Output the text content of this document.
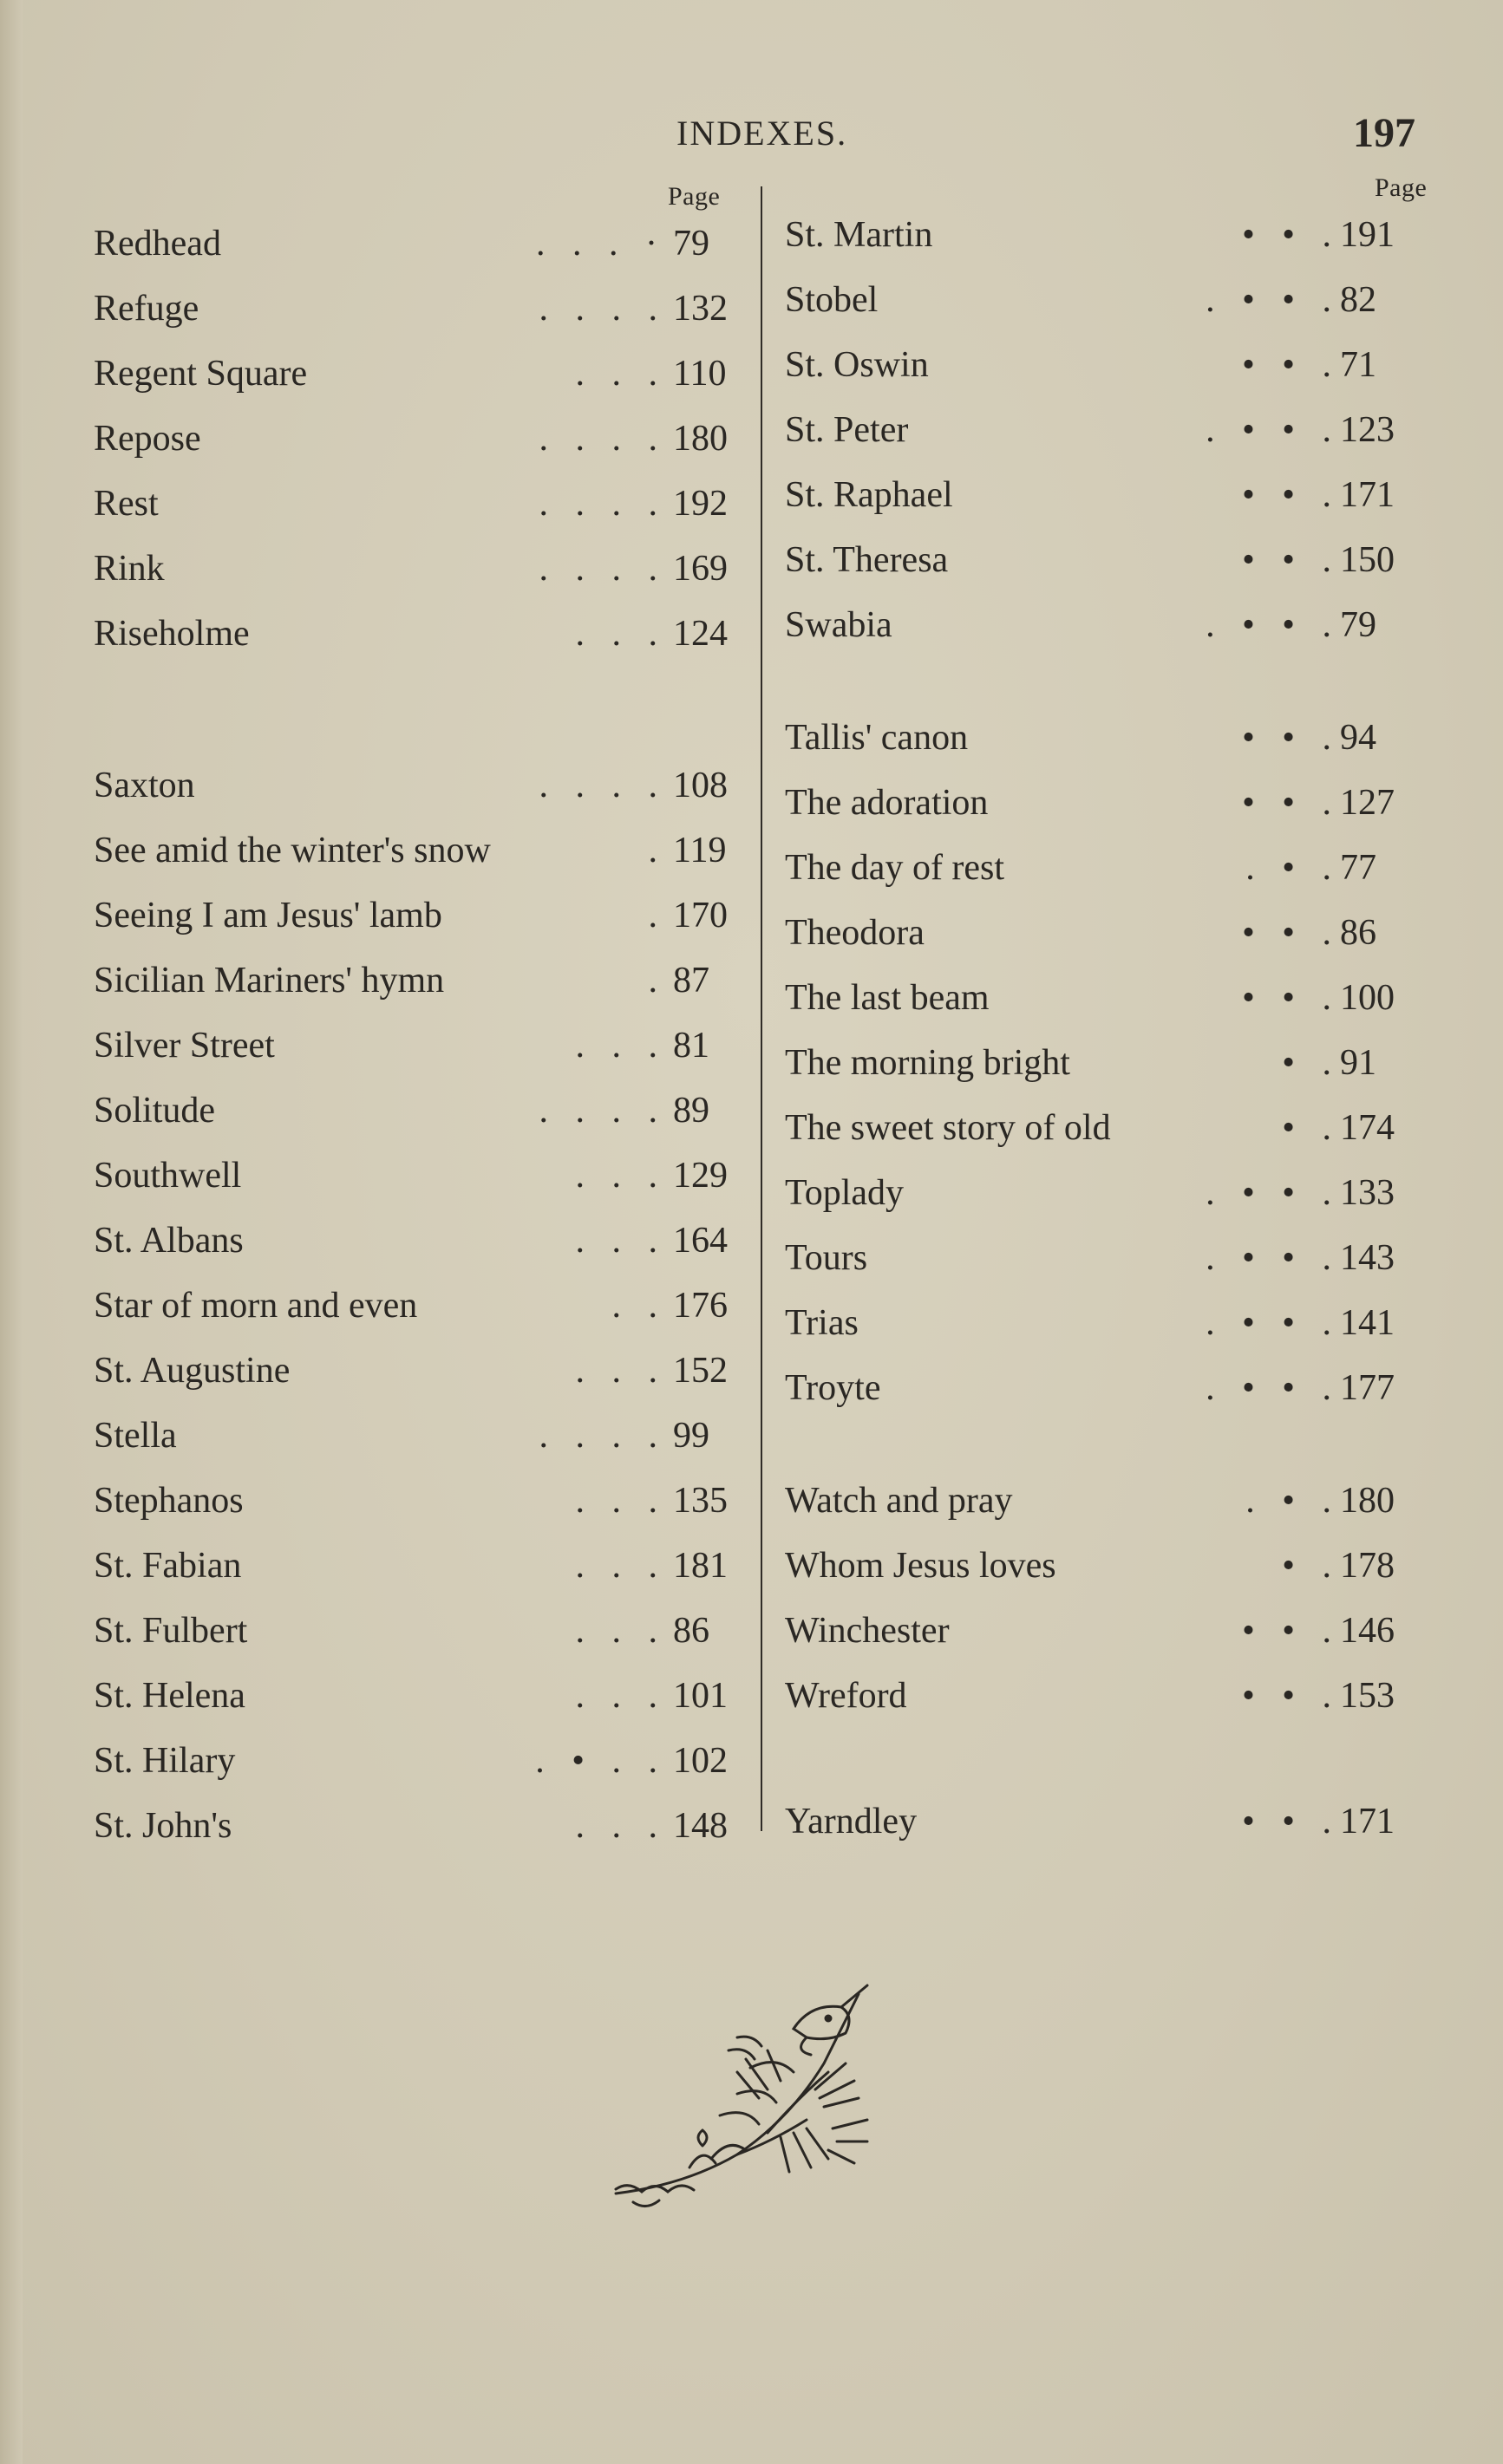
INDEXES.	197
Page	Page
Redhead	.   .   .   · 79
Refuge	.   .   .   . 132
Regent Square	.   .   . 110
Repose	.   .   .   . 180
Rest	.   .   .   . 192
Rink	.   .   .   . 169
Riseholme	.   .   . 124
Saxton	.   .   .   . 108
See amid the winter's snow	. 119
Seeing I am Jesus' lamb	. 170
Sicilian Mariners' hymn	. 87
Silver Street	.   .   . 81
Solitude	.   .   .   . 89
Southwell	.   .   . 129
St. Albans	.   .   . 164
Star of morn and even	.   . 176
St. Augustine	.   .   . 152
Stella	.   .   .   . 99
Stephanos	.   .   . 135
St. Fabian	.   .   . 181
St. Fulbert	.   .   . 86
St. Helena	.   .   . 101
St. Hilary	.   •   .   . 102
St. John's	.   .   . 148
St. Martin	•   •   . 191
Stobel	.   •   •   . 82
St. Oswin	•   •   . 71
St. Peter	.   •   •   . 123
St. Raphael	•   •   . 171
St. Theresa	•   •   . 150
Swabia	.   •   •   . 79
Tallis' canon	•   •   . 94
The adoration	•   •   . 127
The day of rest	.   •   . 77
Theodora	•   •   . 86
The last beam	•   •   . 100
The morning bright	•   . 91
The sweet story of old	•   . 174
Toplady	.   •   •   . 133
Tours	.   •   •   . 143
Trias	.   •   •   . 141
Troyte	.   •   •   . 177
Watch and pray	.   •   . 180
Whom Jesus loves	•   . 178
Winchester	•   •   . 146
Wreford	•   •   . 153
Yarndley	•   •   . 171
